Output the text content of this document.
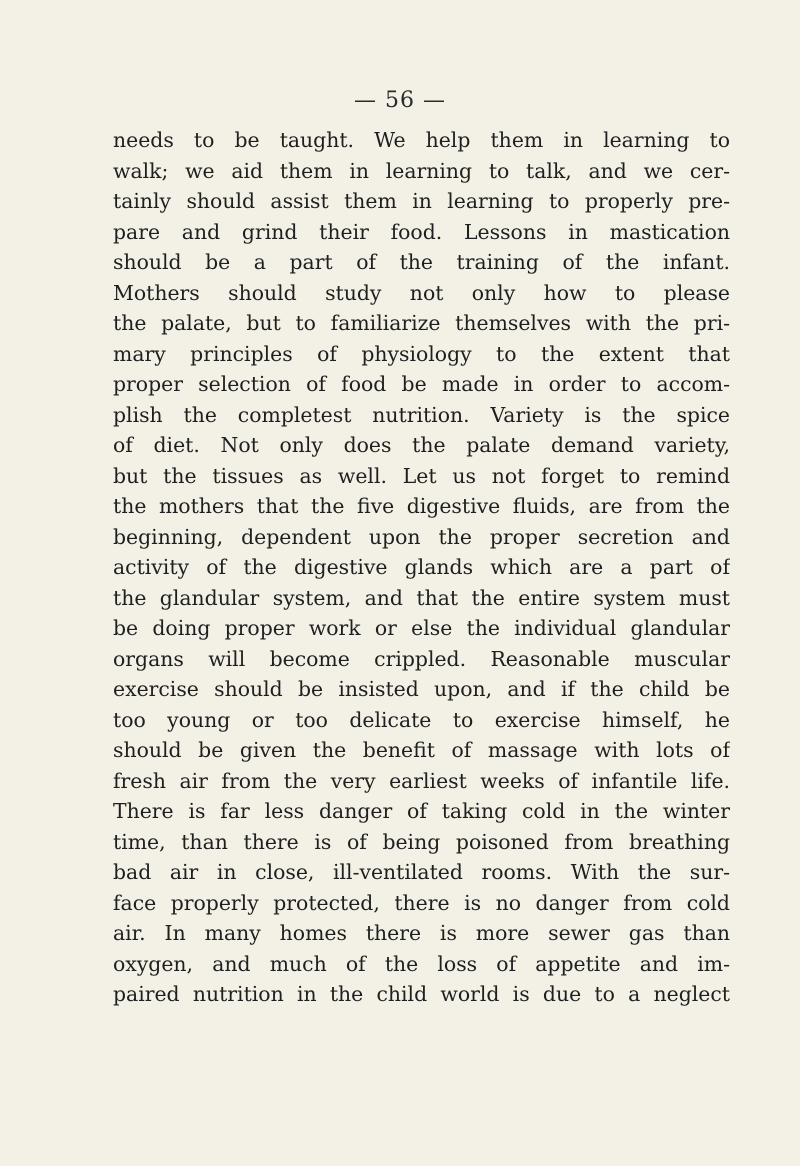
— 56 —
needs to be taught. We help them in learning to
walk; we aid them in learning to talk, and we cer-
tainly should assist them in learning to properly pre-
pare and grind their food. Lessons in mastication
should be a part of the training of the infant.
Mothers should study not only how to please
the palate, but to familiarize themselves with the pri-
mary principles of physiology to the extent that
proper selection of food be made in order to accom-
plish the completest nutrition. Variety is the spice
of diet. Not only does the palate demand variety,
but the tissues as well. Let us not forget to remind
the mothers that the five digestive fluids, are from the
beginning, dependent upon the proper secretion and
activity of the digestive glands which are a part of
the glandular system, and that the entire system must
be doing proper work or else the individual glandular
organs will become crippled. Reasonable muscular
exercise should be insisted upon, and if the child be
too young or too delicate to exercise himself, he
should be given the benefit of massage with lots of
fresh air from the very earliest weeks of infantile life.
There is far less danger of taking cold in the winter
time, than there is of being poisoned from breathing
bad air in close, ill-ventilated rooms. With the sur-
face properly protected, there is no danger from cold
air. In many homes there is more sewer gas than
oxygen, and much of the loss of appetite and im-
paired nutrition in the child world is due to a neglect
